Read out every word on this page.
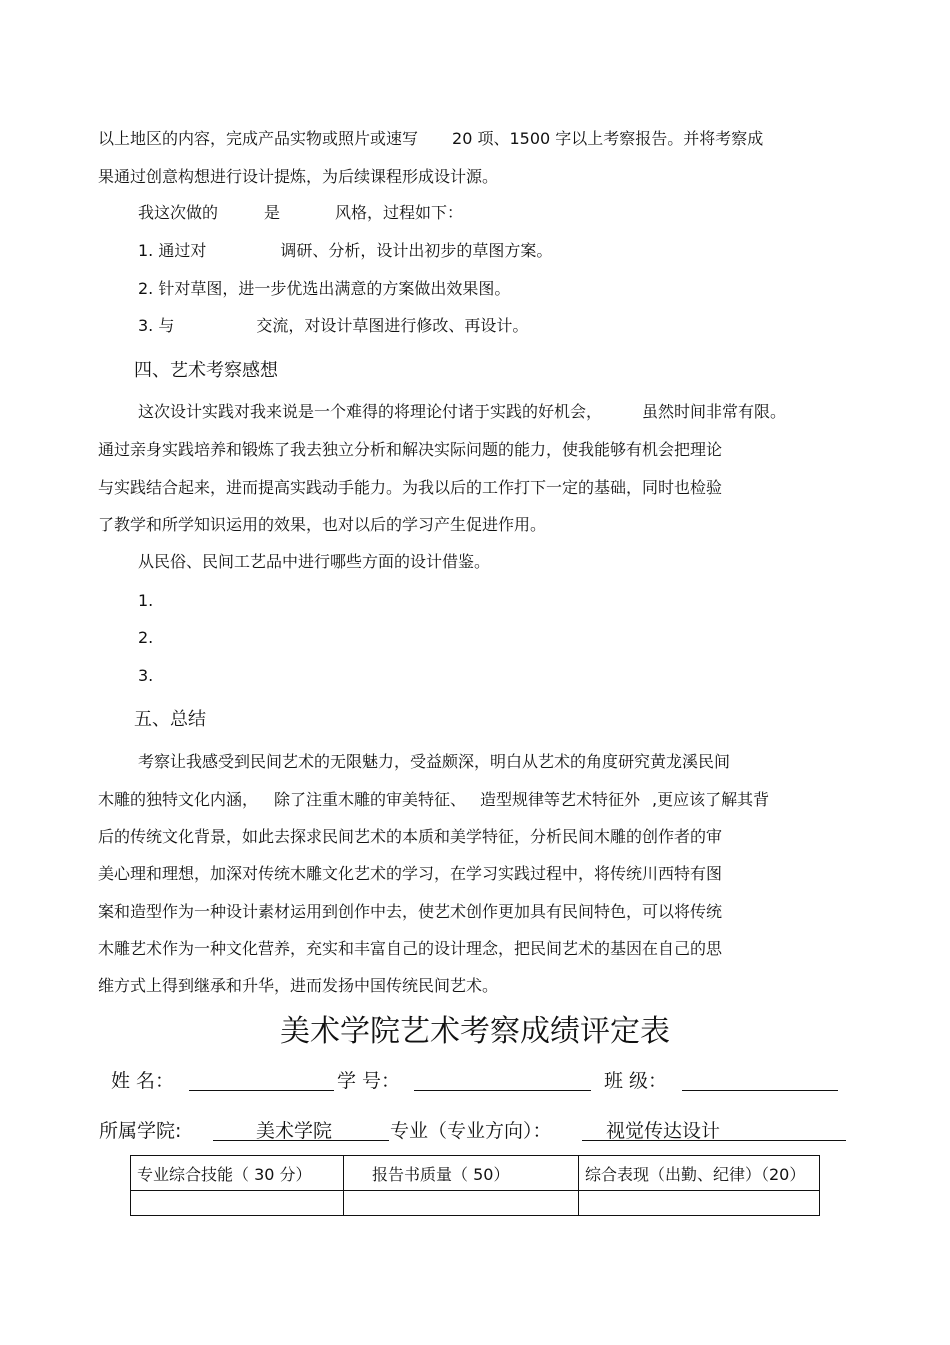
以上地区的内容，完成产品实物或照片或速写 20 项、1500 字以上考察报告。并将考察成
果通过创意构想进行设计提炼，为后续课程形成设计源。
我这次做的	是	风格，过程如下：
1. 通过对	调研、分析，设计出初步的草图方案。
2. 针对草图，进一步优选出满意的方案做出效果图。
3. 与	交流，对设计草图进行修改、再设计。
四、艺术考察感想
这次设计实践对我来说是一个难得的将理论付诸于实践的好机会，	虽然时间非常有限。
通过亲身实践培养和锻炼了我去独立分析和解决实际问题的能力，使我能够有机会把理论
与实践结合起来，进而提高实践动手能力。为我以后的工作打下一定的基础，同时也检验
了教学和所学知识运用的效果，也对以后的学习产生促进作用。
从民俗、民间工艺品中进行哪些方面的设计借鉴。
1.
2.
3.
五、总结
考察让我感受到民间艺术的无限魅力，受益颇深，明白从艺术的角度研究黄龙溪民间
木雕的独特文化内涵， 除了注重木雕的审美特征、 造型规律等艺术特征外 ,更应该了解其背
后的传统文化背景，如此去探求民间艺术的本质和美学特征，分析民间木雕的创作者的审
美心理和理想，加深对传统木雕文化艺术的学习，在学习实践过程中，将传统川西特有图
案和造型作为一种设计素材运用到创作中去，使艺术创作更加具有民间特色，可以将传统
木雕艺术作为一种文化营养，充实和丰富自己的设计理念，把民间艺术的基因在自己的思
维方式上得到继承和升华，进而发扬中国传统民间艺术。
美术学院艺术考察成绩评定表
姓 名：	学 号：	班 级：
所属学院:	美术学院	专业（专业方向）：	视觉传达设计
专业综合技能（ 30 分）	报告书质量（ 50）	综合表现（出勤、纪律）（20）
